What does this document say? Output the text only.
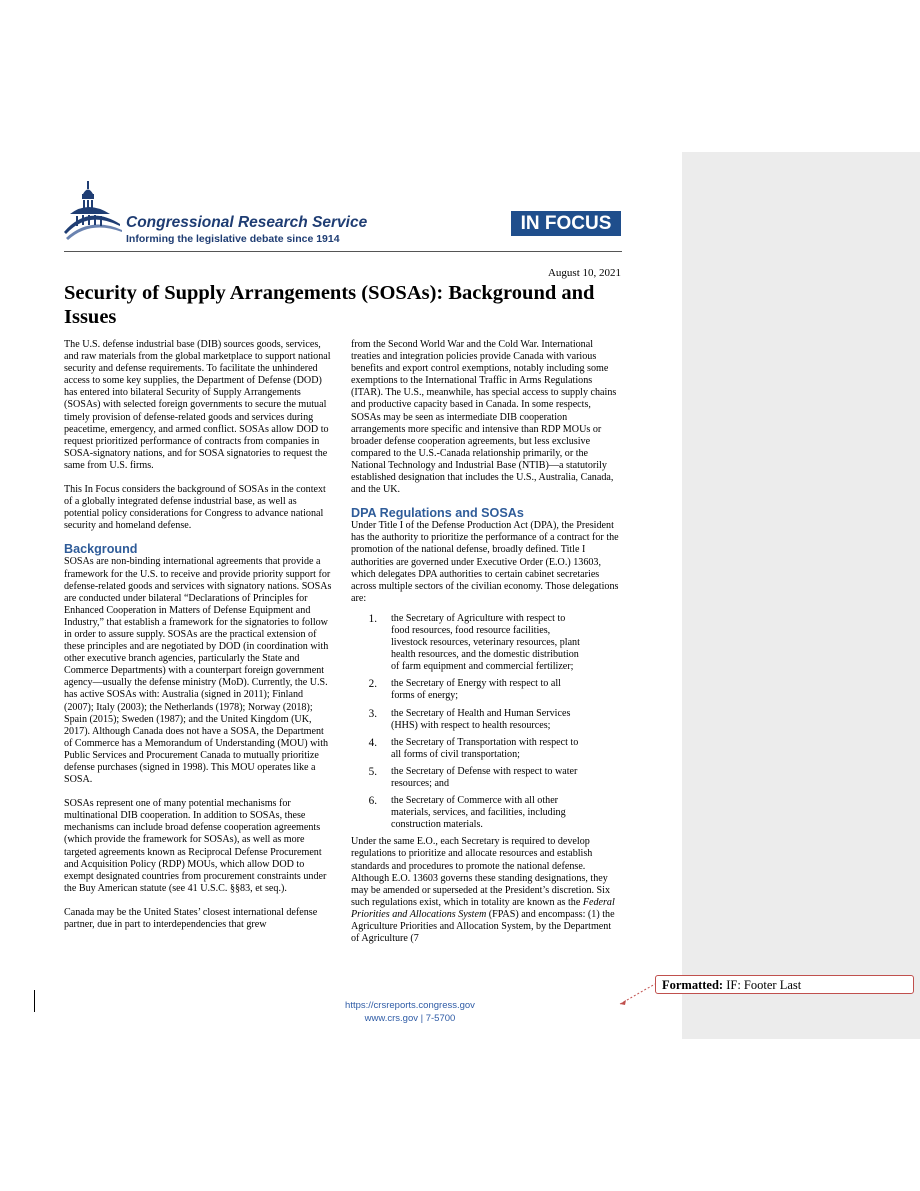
Congressional Research Service
Informing the legislative debate since 1914
IN FOCUS
August 10, 2021
Security of Supply Arrangements (SOSAs): Background and Issues

The U.S. defense industrial base (DIB) sources goods, services, and raw materials from the global marketplace to support national security and defense requirements. To facilitate the unhindered access to some key supplies, the Department of Defense (DOD) has entered into bilateral Security of Supply Arrangements (SOSAs) with selected foreign governments to secure the mutual timely provision of defense-related goods and services during peacetime, emergency, and armed conflict. SOSAs allow DOD to request prioritized performance of contracts from companies in SOSA-signatory nations, and for SOSA signatories to request the same from U.S. firms.

This In Focus considers the background of SOSAs in the context of a globally integrated defense industrial base, as well as potential policy considerations for Congress to advance national security and homeland defense.

Background

SOSAs are non-binding international agreements that provide a framework for the U.S. to receive and provide priority support for defense-related goods and services with signatory nations. SOSAs are conducted under bilateral “Declarations of Principles for Enhanced Cooperation in Matters of Defense Equipment and Industry,” that establish a framework for the signatories to follow in order to assure supply. SOSAs are the practical extension of these principles and are negotiated by DOD (in coordination with other executive branch agencies, particularly the State and Commerce Departments) with a counterpart foreign government agency—usually the defense ministry (MoD). Currently, the U.S. has active SOSAs with: Australia (signed in 2011); Finland (2007); Italy (2003); the Netherlands (1978); Norway (2018); Spain (2015); Sweden (1987); and the United Kingdom (UK, 2017). Although Canada does not have a SOSA, the Department of Commerce has a Memorandum of Understanding (MOU) with Public Services and Procurement Canada to mutually prioritize defense purchases (signed in 1998). This MOU operates like a SOSA.

SOSAs represent one of many potential mechanisms for multinational DIB cooperation. In addition to SOSAs, these mechanisms can include broad defense cooperation agreements (which provide the framework for SOSAs), as well as more targeted agreements known as Reciprocal Defense Procurement and Acquisition Policy (RDP) MOUs, which allow DOD to exempt designated countries from procurement constraints under the Buy American statute (see 41 U.S.C. §§83, et seq.).

Canada may be the United States’ closest international defense partner, due in part to interdependencies that grew

from the Second World War and the Cold War. International treaties and integration policies provide Canada with various benefits and export control exemptions, notably including some exemptions to the International Traffic in Arms Regulations (ITAR). The U.S., meanwhile, has special access to supply chains and productive capacity based in Canada. In some respects, SOSAs may be seen as intermediate DIB cooperation arrangements more specific and intensive than RDP MOUs or broader defense cooperation agreements, but less exclusive compared to the U.S.-Canada relationship primarily, or the National Technology and Industrial Base (NTIB)—a statutorily established designation that includes the U.S., Australia, Canada, and the UK.

DPA Regulations and SOSAs

Under Title I of the Defense Production Act (DPA), the President has the authority to prioritize the performance of a contract for the promotion of the national defense, broadly defined. Title I authorities are governed under Executive Order (E.O.) 13603, which delegates DPA authorities to certain cabinet secretaries across multiple sectors of the civilian economy. Those delegations are:

1.	the Secretary of Agriculture with respect to food resources, food resource facilities, livestock resources, veterinary resources, plant health resources, and the domestic distribution of farm equipment and commercial fertilizer;
2.	the Secretary of Energy with respect to all forms of energy;
3.	the Secretary of Health and Human Services (HHS) with respect to health resources;
4.	the Secretary of Transportation with respect to all forms of civil transportation;
5.	the Secretary of Defense with respect to water resources; and
6.	the Secretary of Commerce with all other materials, services, and facilities, including construction materials.

Under the same E.O., each Secretary is required to develop regulations to prioritize and allocate resources and establish standards and procedures to promote the national defense. Although E.O. 13603 governs these standing designations, they may be amended or superseded at the President’s discretion. Six such regulations exist, which in totality are known as the Federal Priorities and Allocations System (FPAS) and encompass: (1) the Agriculture Priorities and Allocation System, by the Department of Agriculture (7

https://crsreports.congress.gov
www.crs.gov | 7-5700
Formatted: IF: Footer Last
